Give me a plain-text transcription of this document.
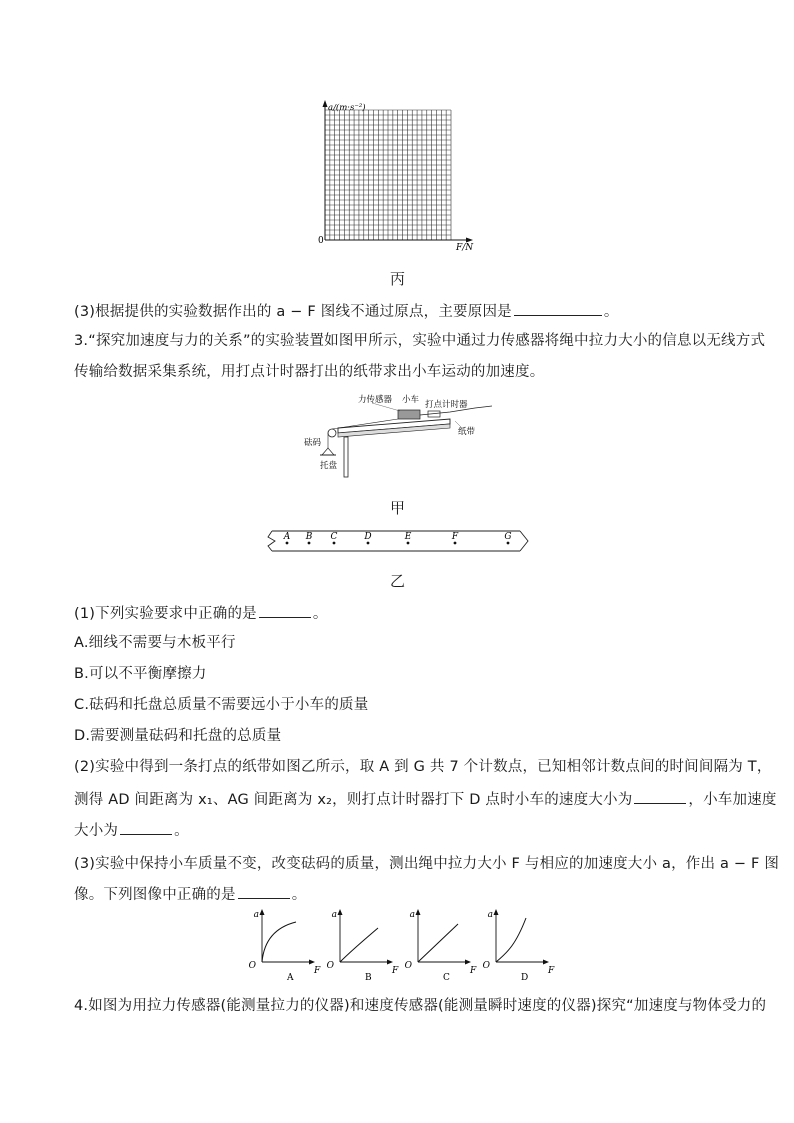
a/(m·s⁻²)
F/N
0
丙
(3)根据提供的实验数据作出的 a − F 图线不通过原点，主要原因是	。
3.“探究加速度与力的关系”的实验装置如图甲所示，实验中通过力传感器将绳中拉力大小的信息以无线方式
传输给数据采集系统，用打点计时器打出的纸带求出小车运动的加速度。
力传感器 小车 打点计时器
纸带
砝码
托盘
甲
A B C	D	E	F	G
乙
(1)下列实验要求中正确的是	。
A.细线不需要与木板平行
B.可以不平衡摩擦力
C.砝码和托盘总质量不需要远小于小车的质量
D.需要测量砝码和托盘的总质量
(2)实验中得到一条打点的纸带如图乙所示，取 A 到 G 共 7 个计数点，已知相邻计数点间的时间间隔为 T，
测得 AD 间距离为 x₁、AG 间距离为 x₂，则打点计时器打下 D 点时小车的速度大小为	，小车加速度
大小为	。
(3)实验中保持小车质量不变，改变砝码的质量，测出绳中拉力大小 F 与相应的加速度大小 a，作出 a − F 图
像。下列图像中正确的是	。
a
O	F
A
a
O	F
B
a
O	F
C
a
O	F
D
4.如图为用拉力传感器(能测量拉力的仪器)和速度传感器(能测量瞬时速度的仪器)探究“加速度与物体受力的
